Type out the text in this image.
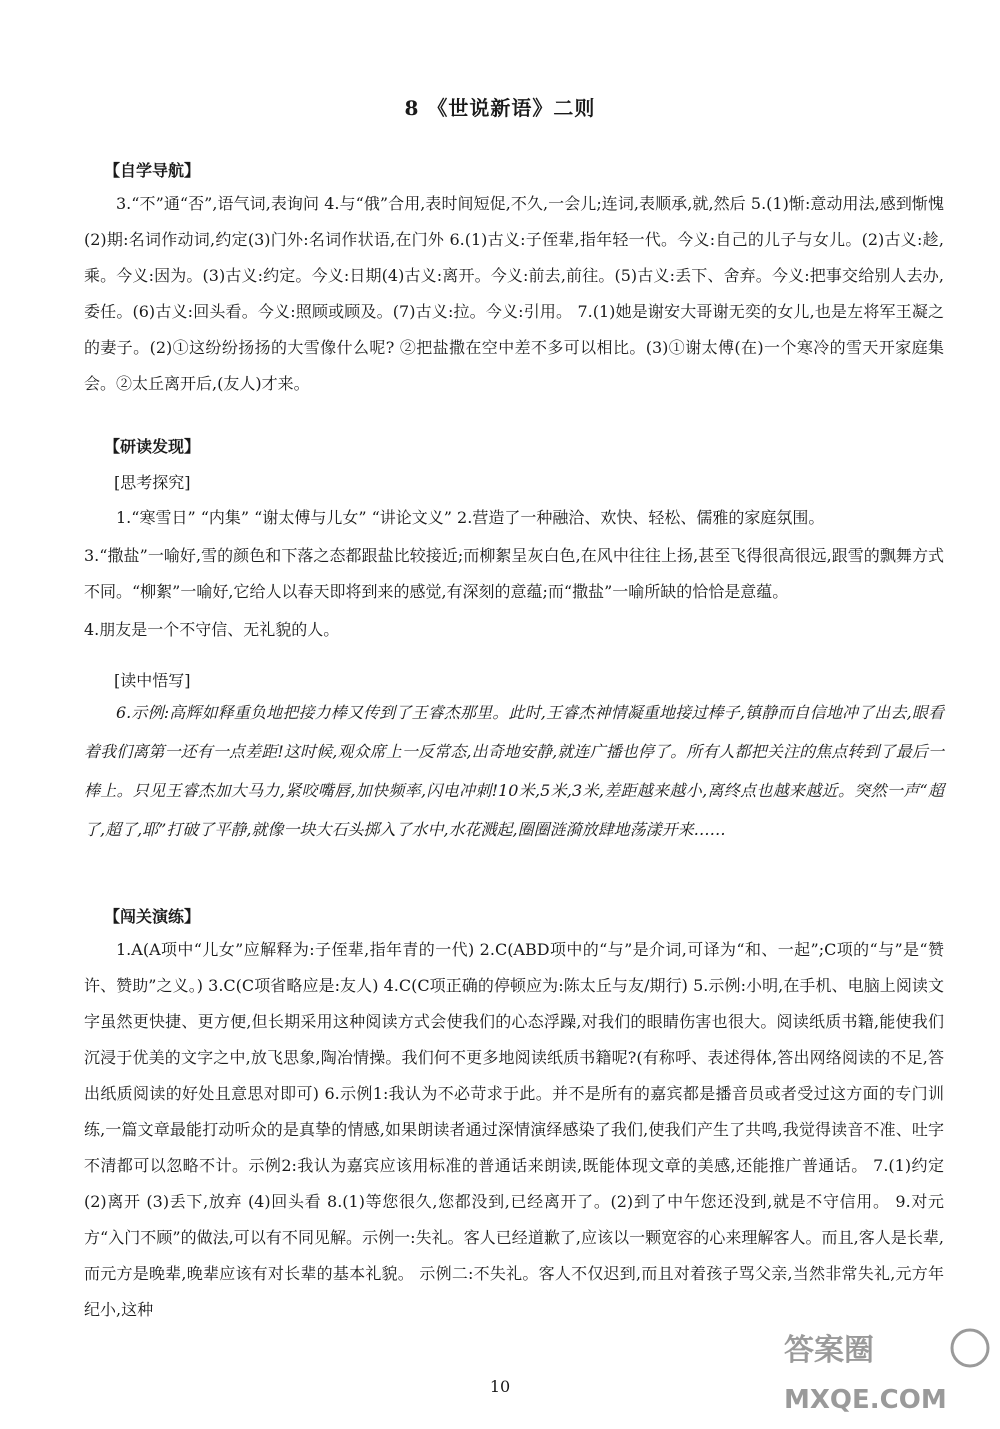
8 《世说新语》二则
【自学导航】

3.“不”通“否”,语气词,表询问 4.与“俄”合用,表时间短促,不久,一会儿;连词,表顺承,就,然后 5.(1)惭:意动用法,感到惭愧(2)期:名词作动词,约定(3)门外:名词作状语,在门外 6.(1)古义:子侄辈,指年轻一代。今义:自己的儿子与女儿。(2)古义:趁,乘。今义:因为。(3)古义:约定。今义:日期(4)古义:离开。今义:前去,前往。(5)古义:丢下、舍弃。今义:把事交给别人去办,委任。(6)古义:回头看。今义:照顾或顾及。(7)古义:拉。今义:引用。 7.(1)她是谢安大哥谢无奕的女儿,也是左将军王凝之的妻子。(2)①这纷纷扬扬的大雪像什么呢? ②把盐撒在空中差不多可以相比。(3)①谢太傅(在)一个寒冷的雪天开家庭集会。②太丘离开后,(友人)才来。

【研读发现】
[思考探究]

1.“寒雪日” “内集” “谢太傅与儿女” “讲论文义” 2.营造了一种融洽、欢快、轻松、儒雅的家庭氛围。

3.“撒盐”一喻好,雪的颜色和下落之态都跟盐比较接近;而柳絮呈灰白色,在风中往往上扬,甚至飞得很高很远,跟雪的飘舞方式不同。“柳絮”一喻好,它给人以春天即将到来的感觉,有深刻的意蕴;而“撒盐”一喻所缺的恰恰是意蕴。

4.朋友是一个不守信、无礼貌的人。

[读中悟写]

6.示例:高辉如释重负地把接力棒又传到了王睿杰那里。此时,王睿杰神情凝重地接过棒子,镇静而自信地冲了出去,眼看着我们离第一还有一点差距!这时候,观众席上一反常态,出奇地安静,就连广播也停了。所有人都把关注的焦点转到了最后一棒上。只见王睿杰加大马力,紧咬嘴唇,加快频率,闪电冲刺!10米,5米,3米,差距越来越小,离终点也越来越近。突然一声“超了,超了,耶”打破了平静,就像一块大石头掷入了水中,水花溅起,圈圈涟漪放肆地荡漾开来……

【闯关演练】

1.A(A项中“儿女”应解释为:子侄辈,指年青的一代) 2.C(ABD项中的“与”是介词,可译为“和、一起”;C项的“与”是“赞许、赞助”之义。) 3.C(C项省略应是:友人) 4.C(C项正确的停顿应为:陈太丘与友/期行) 5.示例:小明,在手机、电脑上阅读文字虽然更快捷、更方便,但长期采用这种阅读方式会使我们的心态浮躁,对我们的眼睛伤害也很大。阅读纸质书籍,能使我们沉浸于优美的文字之中,放飞思象,陶冶情操。我们何不更多地阅读纸质书籍呢?(有称呼、表述得体,答出网络阅读的不足,答出纸质阅读的好处且意思对即可) 6.示例1:我认为不必苛求于此。并不是所有的嘉宾都是播音员或者受过这方面的专门训练,一篇文章最能打动听众的是真挚的情感,如果朗读者通过深情演绎感染了我们,使我们产生了共鸣,我觉得读音不准、吐字不清都可以忽略不计。示例2:我认为嘉宾应该用标准的普通话来朗读,既能体现文章的美感,还能推广普通话。 7.(1)约定 (2)离开 (3)丢下,放弃 (4)回头看 8.(1)等您很久,您都没到,已经离开了。(2)到了中午您还没到,就是不守信用。 9.对元方“入门不顾”的做法,可以有不同见解。示例一:失礼。客人已经道歉了,应该以一颗宽容的心来理解客人。而且,客人是长辈,而元方是晚辈,晚辈应该有对长辈的基本礼貌。 示例二:不失礼。客人不仅迟到,而且对着孩子骂父亲,当然非常失礼,元方年纪小,这种

10
答案圈
MXQE.COM
